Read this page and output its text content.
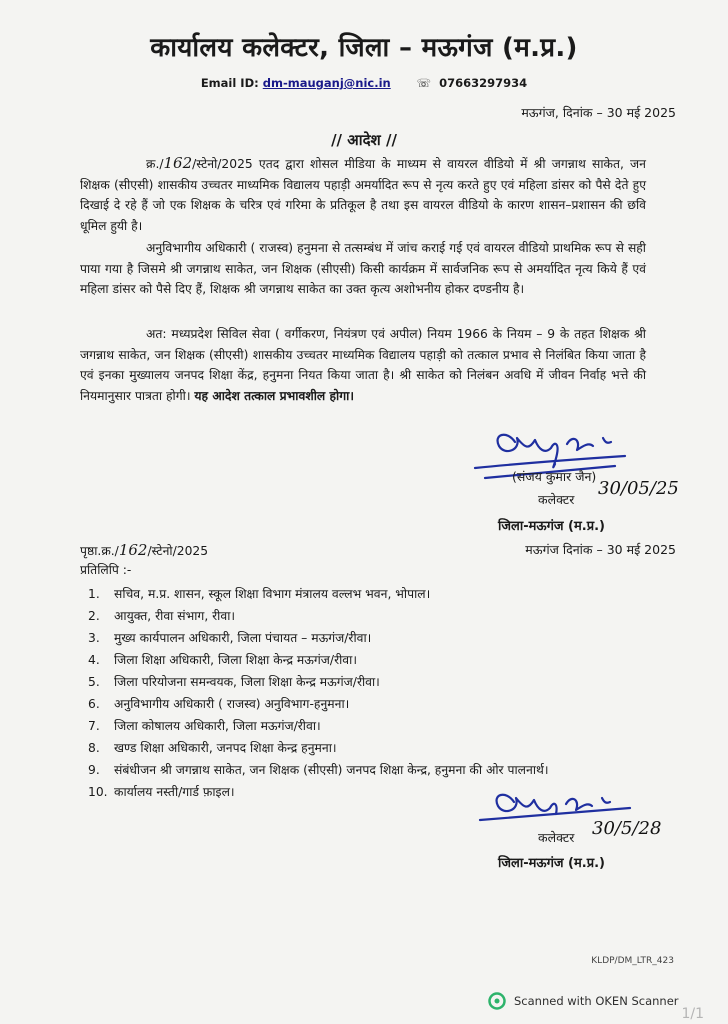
कार्यालय कलेक्टर, जिला – मऊगंज (म.प्र.)
Email ID: dm-mauganj@nic.in ☏ 07663297934
मऊगंज, दिनांक – 30 मई 2025
// आदेश //
क्र./162/स्टेनो/2025 एतद द्वारा शोसल मीडिया के माध्यम से वायरल वीडियो में श्री जगन्नाथ साकेत, जन शिक्षक (सीएसी) शासकीय उच्चतर माध्यमिक विद्यालय पहाड़ी अमर्यादित रूप से नृत्य करते हुए एवं महिला डांसर को पैसे देते हुए दिखाई दे रहे हैं जो एक शिक्षक के चरित्र एवं गरिमा के प्रतिकूल है तथा इस वायरल वीडियो के कारण शासन–प्रशासन की छवि धूमिल हुयी है।
अनुविभागीय अधिकारी ( राजस्व) हनुमना से तत्सम्बंध में जांच कराई गई एवं वायरल वीडियो प्राथमिक रूप से सही पाया गया है जिसमे श्री जगन्नाथ साकेत, जन शिक्षक (सीएसी) किसी कार्यक्रम में सार्वजनिक रूप से अमर्यादित नृत्य किये हैं एवं महिला डांसर को पैसे दिए हैं, शिक्षक श्री जगन्नाथ साकेत का उक्त कृत्य अशोभनीय होकर दण्डनीय है।
अत: मध्यप्रदेश सिविल सेवा ( वर्गीकरण, नियंत्रण एवं अपील) नियम 1966 के नियम – 9 के तहत शिक्षक श्री जगन्नाथ साकेत, जन शिक्षक (सीएसी) शासकीय उच्चतर माध्यमिक विद्यालय पहाड़ी को तत्काल प्रभाव से निलंबित किया जाता है एवं इनका मुख्यालय जनपद शिक्षा केंद्र, हनुमना नियत किया जाता है। श्री साकेत को निलंबन अवधि में जीवन निर्वाह भत्ते की नियमानुसार पात्रता होगी। यह आदेश तत्काल प्रभावशील होगा।
(संजय कुमार जैन)
30/05/25
कलेक्टर
जिला-मऊगंज (म.प्र.)
पृष्ठा.क्र./162/स्टेनो/2025	मऊगंज दिनांक – 30 मई 2025
प्रतिलिपि :-
1. सचिव, म.प्र. शासन, स्कूल शिक्षा विभाग मंत्रालय वल्लभ भवन, भोपाल।
2. आयुक्त, रीवा संभाग, रीवा।
3. मुख्य कार्यपालन अधिकारी, जिला पंचायत – मऊगंज/रीवा।
4. जिला शिक्षा अधिकारी, जिला शिक्षा केन्द्र मऊगंज/रीवा।
5. जिला परियोजना समन्वयक, जिला शिक्षा केन्द्र मऊगंज/रीवा।
6. अनुविभागीय अधिकारी ( राजस्व) अनुविभाग-हनुमना।
7. जिला कोषालय अधिकारी, जिला मऊगंज/रीवा।
8. खण्ड शिक्षा अधिकारी, जनपद शिक्षा केन्द्र हनुमना।
9. संबंधीजन श्री जगन्नाथ साकेत, जन शिक्षक (सीएसी) जनपद शिक्षा केन्द्र, हनुमना की ओर पालनार्थ।
10. कार्यालय नस्ती/गार्ड फ़ाइल।
30/5/28
कलेक्टर
जिला-मऊगंज (म.प्र.)
KLDP/DM_LTR_423
Scanned with OKEN Scanner
1/1
